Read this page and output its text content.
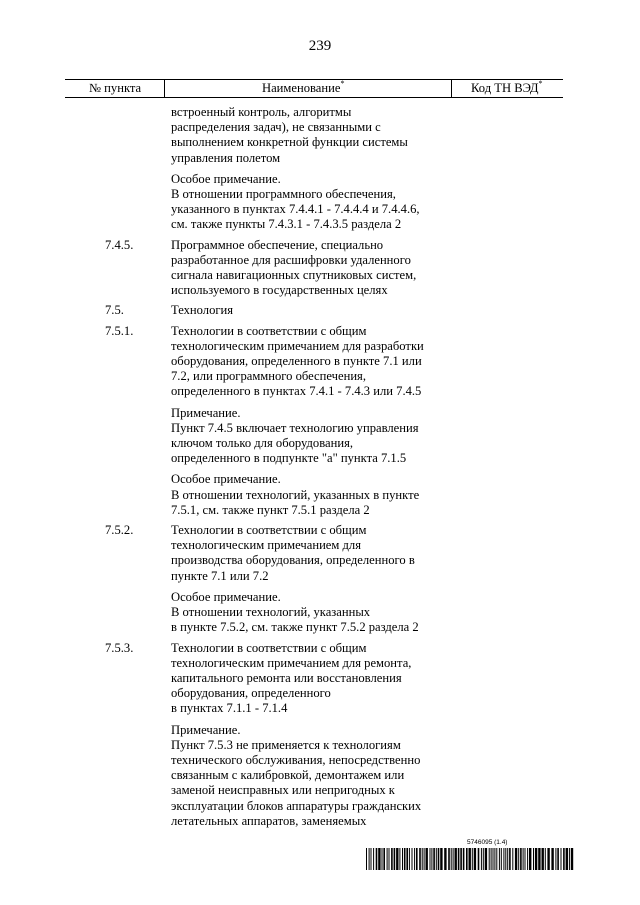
239
№ пункта	Наименование*	Код ТН ВЭД*
встроенный контроль, алгоритмы
распределения задач), не связанными с
выполнением конкретной функции системы
управления полетом
Особое примечание.
В отношении программного обеспечения,
указанного в пунктах 7.4.4.1 - 7.4.4.4 и 7.4.4.6,
см. также пункты 7.4.3.1 - 7.4.3.5 раздела 2
7.4.5.	Программное обеспечение, специально
разработанное для расшифровки удаленного
сигнала навигационных спутниковых систем,
используемого в государственных целях
7.5.	Технология
7.5.1.	Технологии в соответствии с общим
технологическим примечанием для разработки
оборудования, определенного в пункте 7.1 или
7.2, или программного обеспечения,
определенного в пунктах 7.4.1 - 7.4.3 или 7.4.5
Примечание.
Пункт 7.4.5 включает технологию управления
ключом только для оборудования,
определенного в подпункте "а" пункта 7.1.5
Особое примечание.
В отношении технологий, указанных в пункте
7.5.1, см. также пункт 7.5.1 раздела 2
7.5.2.	Технологии в соответствии с общим
технологическим примечанием для
производства оборудования, определенного в
пункте 7.1 или 7.2
Особое примечание.
В отношении технологий, указанных
в пункте 7.5.2, см. также пункт 7.5.2 раздела 2
7.5.3.	Технологии в соответствии с общим
технологическим примечанием для ремонта,
капитального ремонта или восстановления
оборудования, определенного
в пунктах 7.1.1 - 7.1.4
Примечание.
Пункт 7.5.3 не применяется к технологиям
технического обслуживания, непосредственно
связанным с калибровкой, демонтажем или
заменой неисправных или непригодных к
эксплуатации блоков аппаратуры гражданских
летательных аппаратов, заменяемых
5746095 (1.4)
